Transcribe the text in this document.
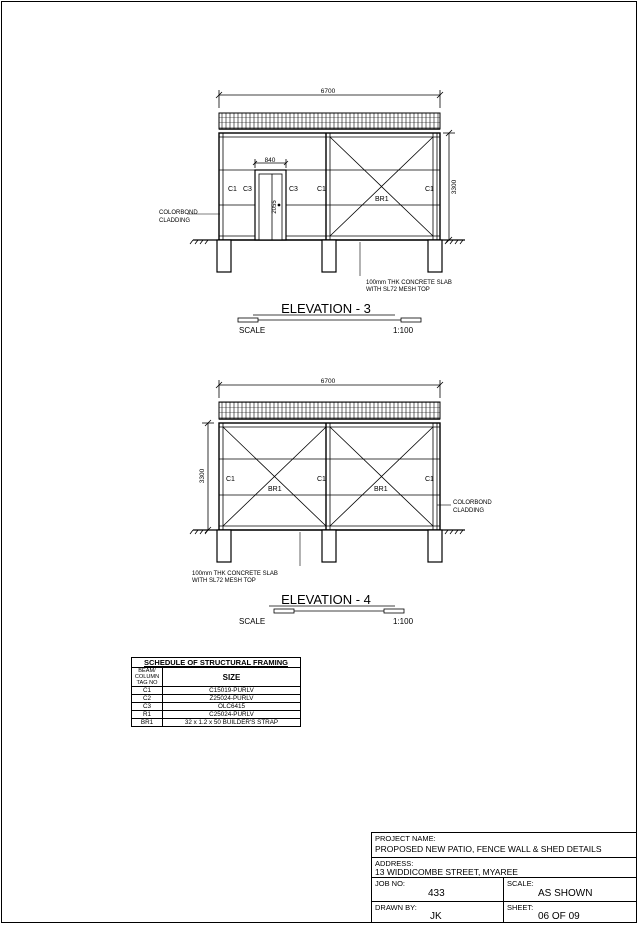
6700
840
2055
3300
C1 C3	C3	C1	C1
BR1
COLORBOND
CLADDING
100mm THK CONCRETE SLAB
WITH SL72 MESH TOP
ELEVATION - 3
SCALE	1:100
6700
3300	C1
BR1
C1
BR1
C1
COLORBOND
CLADDING
100mm THK CONCRETE SLAB
WITH SL72 MESH TOP
ELEVATION - 4
SCALE	1:100
SCHEDULE OF STRUCTURAL FRAMING	

BEAM/
COLUMN
TAG NO	SIZE
C1	C15019-PURLV
C2	Z25024-PURLV
C3	OLC6415
R1	C25024-PURLV
BR1	32 x 1.2 x 50 BUILDER'S STRAP
PROJECT NAME:
PROPOSED NEW PATIO, FENCE WALL & SHED DETAILS
ADDRESS:
13 WIDDICOMBE STREET, MYAREE
JOB NO:
433
SCALE:
AS SHOWN
DRAWN BY:
JK
SHEET:
06 OF 09
